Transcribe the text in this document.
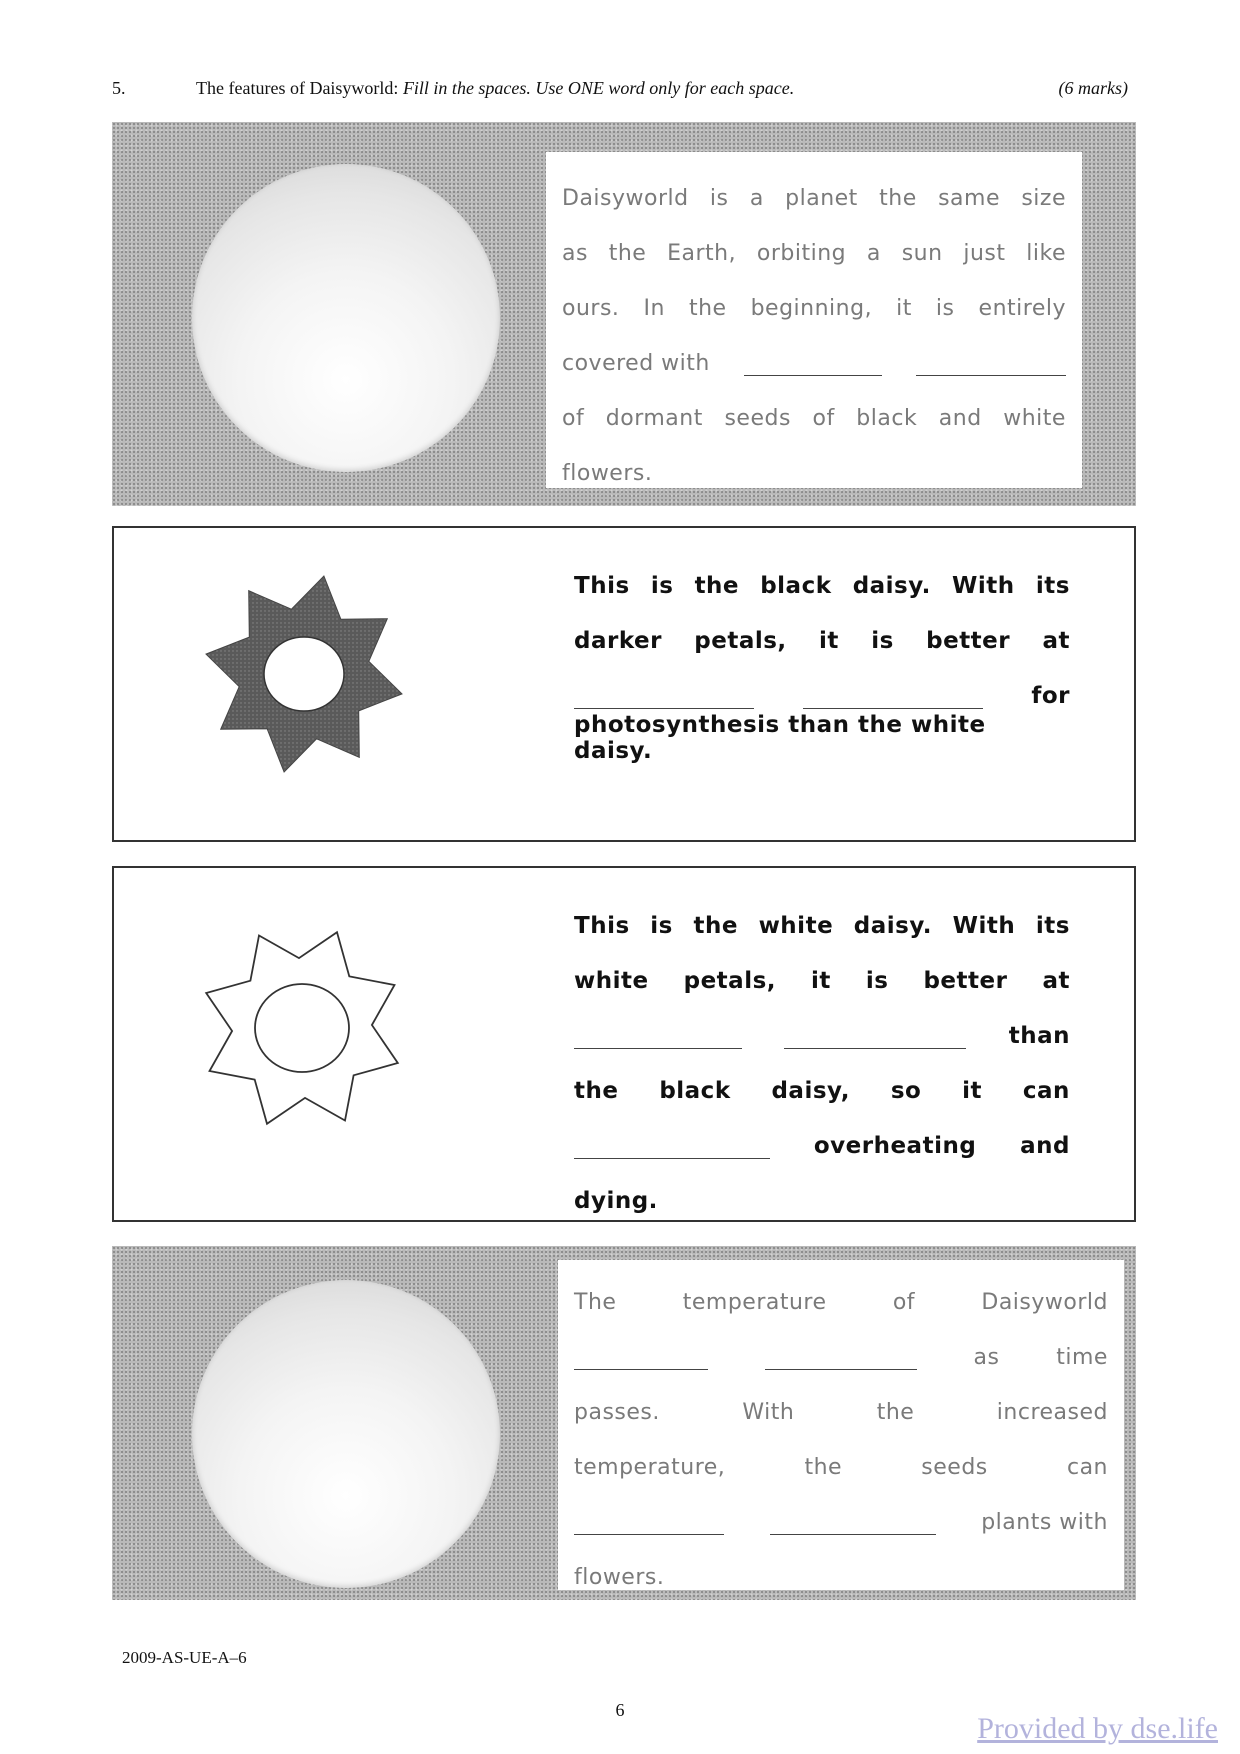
5.	The features of Daisyworld: Fill in the spaces. Use ONE word only for each space.	(6 marks)
Daisyworld is a planet the same size
as the Earth, orbiting a sun just like
ours. In the beginning, it is entirely
covered with
of dormant seeds of black and white
flowers.
This is the black daisy. With its
darker petals, it is better at
for
photosynthesis than the white daisy.
This is the white daisy. With its
white petals, it is better at
than
the black daisy, so it can
overheating and
dying.
The	temperature	of	Daisyworld
as	time
passes.	With	the	increased
temperature,	the	seeds	can
plants with
flowers.
2009-AS-UE-A–6
6
Provided by dse.life
